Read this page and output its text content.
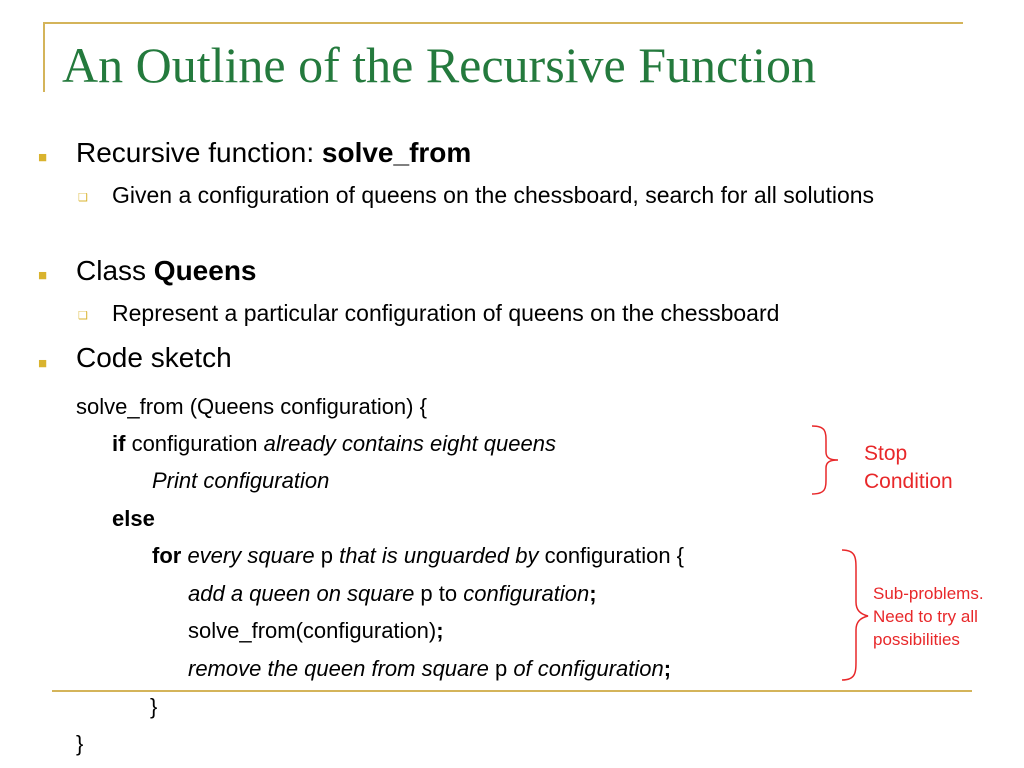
An Outline of the Recursive Function
■ Recursive function: solve_from
❑ Given a configuration of queens on the chessboard, search for all solutions
■ Class Queens
❑ Represent a particular configuration of queens on the chessboard
■ Code sketch
solve_from (Queens configuration) {
if configuration already contains eight queens
Print configuration
else
for every square p that is unguarded by configuration {
add a queen on square p to configuration;
solve_from(configuration);
remove the queen from square p of configuration;
}
}
Stop
Condition
Sub-problems.
Need to try all
possibilities
